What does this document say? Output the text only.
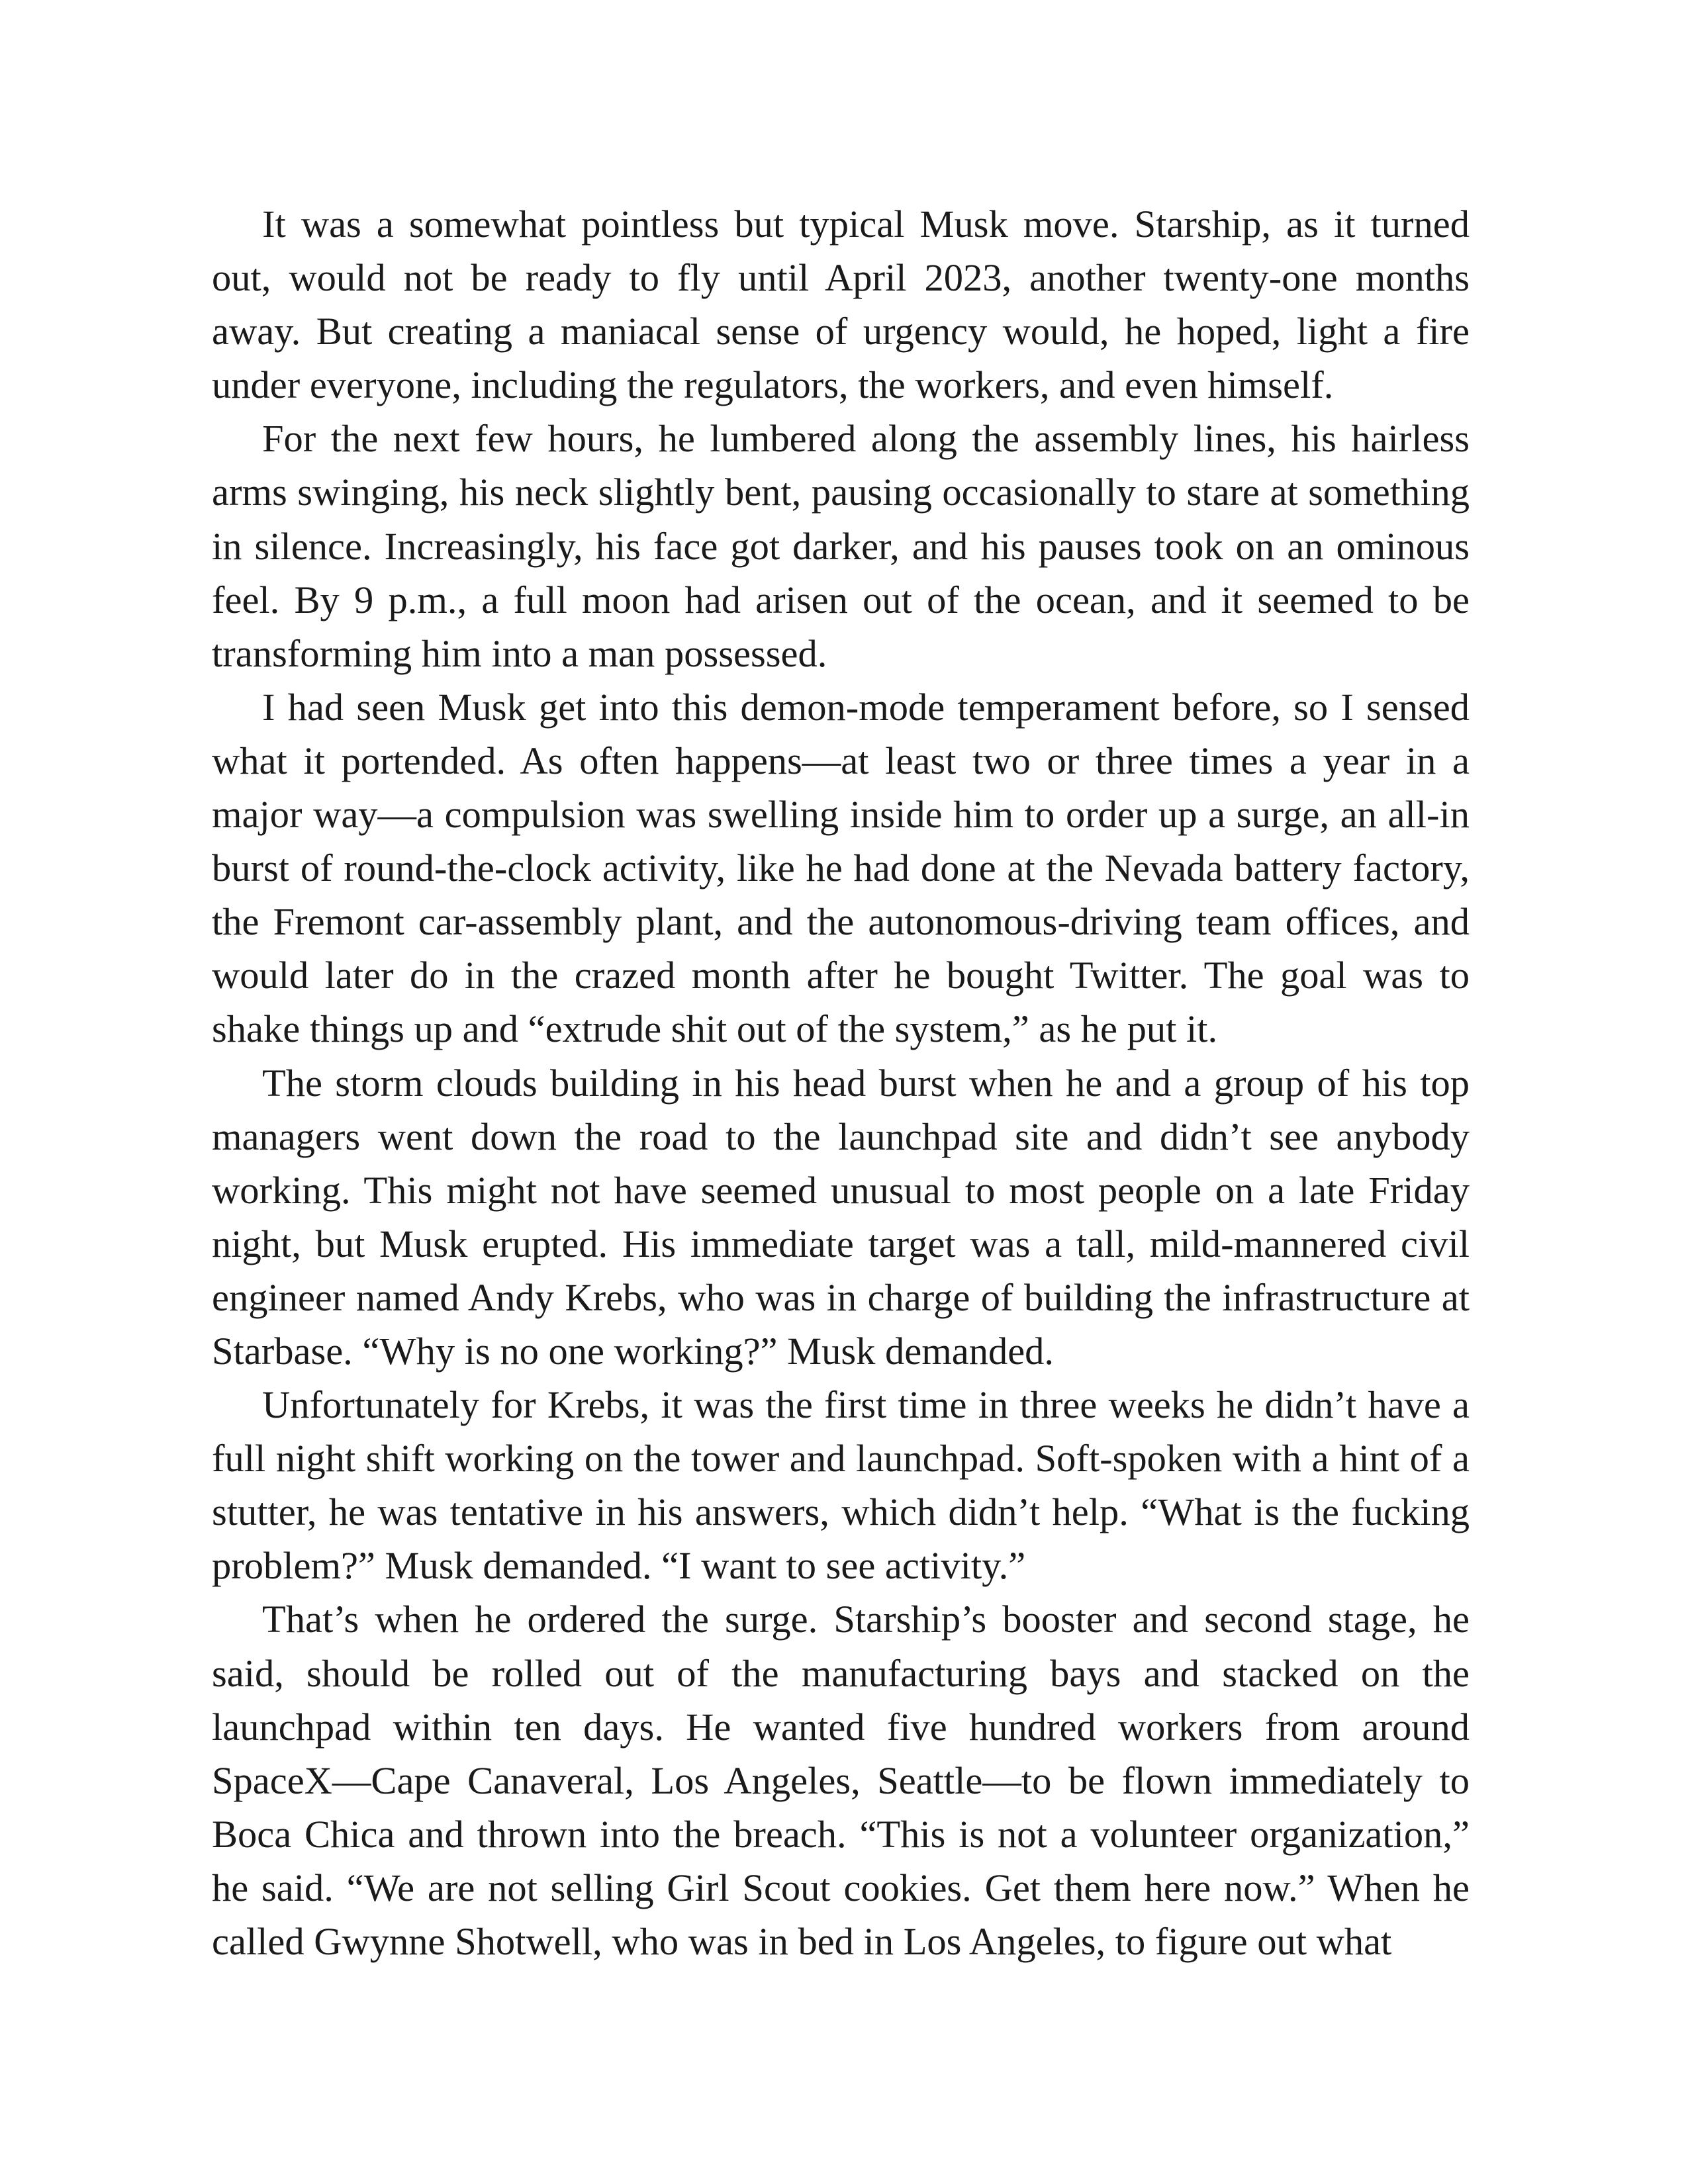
It was a somewhat pointless but typical Musk move. Starship, as it turned out, would not be ready to fly until April 2023, another twenty-one months away. But creating a maniacal sense of urgency would, he hoped, light a fire under everyone, including the regulators, the workers, and even himself.

For the next few hours, he lumbered along the assembly lines, his hairless arms swinging, his neck slightly bent, pausing occasionally to stare at something in silence. Increasingly, his face got darker, and his pauses took on an ominous feel. By 9 p.m., a full moon had arisen out of the ocean, and it seemed to be transforming him into a man possessed.

I had seen Musk get into this demon-mode temperament before, so I sensed what it portended. As often happens—at least two or three times a year in a major way—a compulsion was swelling inside him to order up a surge, an all-in burst of round-the-clock activity, like he had done at the Nevada battery factory, the Fremont car-assembly plant, and the autonomous-driving team offices, and would later do in the crazed month after he bought Twitter. The goal was to shake things up and “extrude shit out of the system,” as he put it.

The storm clouds building in his head burst when he and a group of his top managers went down the road to the launchpad site and didn’t see anybody working. This might not have seemed unusual to most people on a late Friday night, but Musk erupted. His immediate target was a tall, mild-mannered civil engineer named Andy Krebs, who was in charge of building the infrastructure at Starbase. “Why is no one working?” Musk demanded.

Unfortunately for Krebs, it was the first time in three weeks he didn’t have a full night shift working on the tower and launchpad. Soft-spoken with a hint of a stutter, he was tentative in his answers, which didn’t help. “What is the fucking problem?” Musk demanded. “I want to see activity.”

That’s when he ordered the surge. Starship’s booster and second stage, he said, should be rolled out of the manufacturing bays and stacked on the launchpad within ten days. He wanted five hundred workers from around SpaceX—Cape Canaveral, Los Angeles, Seattle—to be flown immediately to Boca Chica and thrown into the breach. “This is not a volunteer organization,” he said. “We are not selling Girl Scout cookies. Get them here now.” When he called Gwynne Shotwell, who was in bed in Los Angeles, to figure out what
